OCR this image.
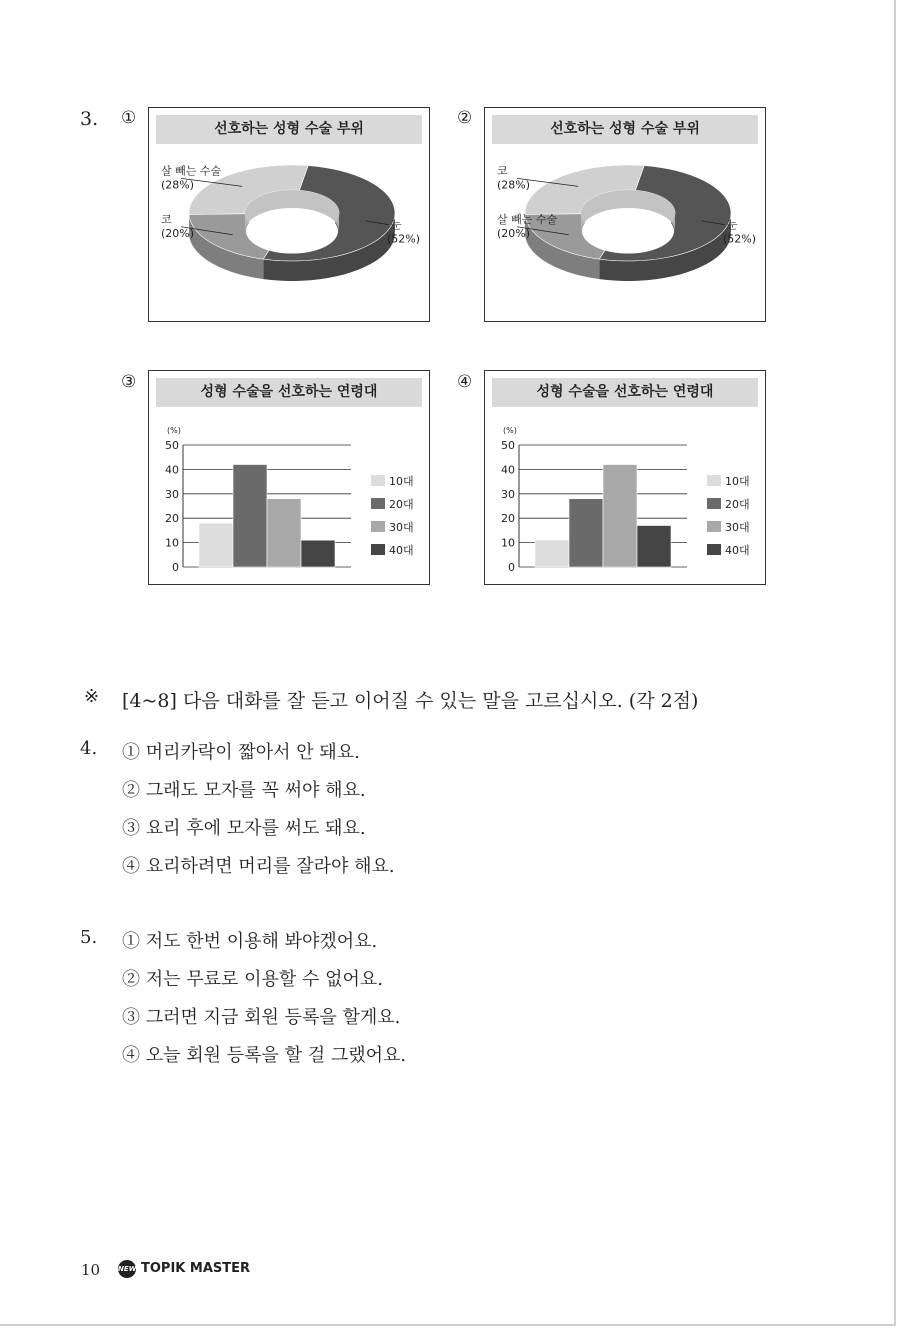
3. ①	②
③	④
선호하는 성형 수술 부위
눈
(52%)
코
(20%)
살 빼는 수술
(28%)
선호하는 성형 수술 부위
눈
(52%)
살 빼는 수술
(20%)
코
(28%)
성형 수술을 선호하는 연령대
(%)
0
10
20
30
40
50
10대
20대
30대
40대
성형 수술을 선호하는 연령대
(%)
0
10
20
30
40
50
10대
20대
30대
40대
※ [4~8] 다음 대화를 잘 듣고 이어질 수 있는 말을 고르십시오. (각 2점)
4. ① 머리카락이 짧아서 안 돼요.
② 그래도 모자를 꼭 써야 해요.
③ 요리 후에 모자를 써도 돼요.
④ 요리하려면 머리를 잘라야 해요.
5. ① 저도 한번 이용해 봐야겠어요.
② 저는 무료로 이용할 수 없어요.
③ 그러면 지금 회원 등록을 할게요.
④ 오늘 회원 등록을 할 걸 그랬어요.
10	NEW TOPIK MASTER
